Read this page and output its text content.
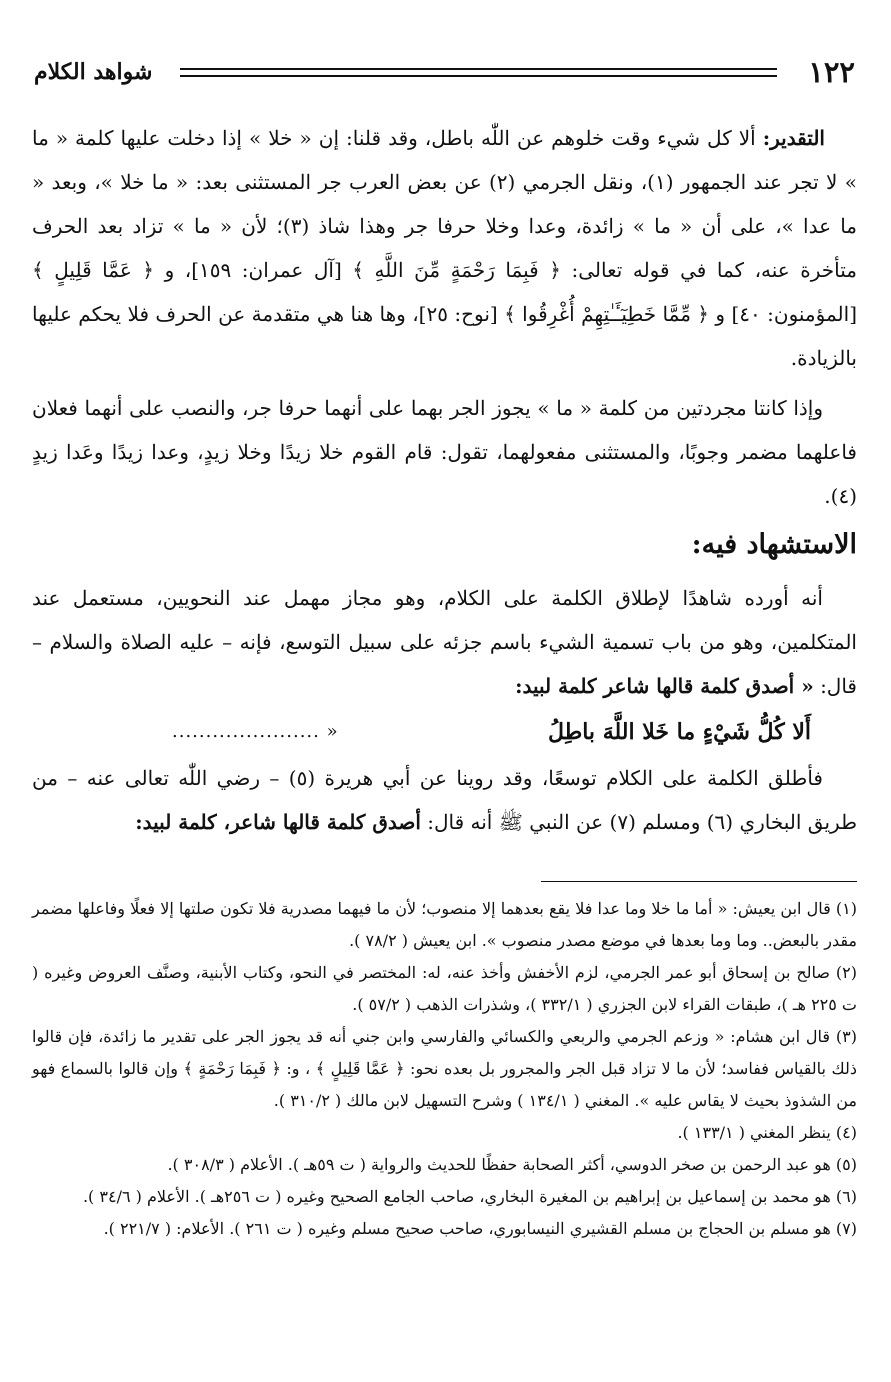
١٢٢
شواهد الكلام

التقدير: ألا كل شيء وقت خلوهم عن اللّٰه باطل، وقد قلنا: إن « خلا » إذا دخلت عليها كلمة « ما » لا تجر عند الجمهور (١)، ونقل الجرمي (٢) عن بعض العرب جر المستثنى بعد: « ما خلا »، وبعد « ما عدا »، على أن « ما » زائدة، وعدا وخلا حرفا جر وهذا شاذ (٣)؛ لأن « ما » تزاد بعد الحرف متأخرة عنه، كما في قوله تعالى: ﴿ فَبِمَا رَحْمَةٍ مِّنَ اللَّهِ ﴾ [آل عمران: ١٥٩]، و ﴿ عَمَّا قَلِيلٍ ﴾ [المؤمنون: ٤٠] و ﴿ مِّمَّا خَطِيٓـَٔـٰتِهِمْ أُغْرِقُوا ﴾ [نوح: ٢٥]، وها هنا هي متقدمة عن الحرف فلا يحكم عليها بالزيادة.

وإذا كانتا مجردتين من كلمة « ما » يجوز الجر بهما على أنهما حرفا جر، والنصب على أنهما فعلان فاعلهما مضمر وجوبًا، والمستثنى مفعولهما، تقول: قام القوم خلا زيدًا وخلا زيدٍ، وعدا زيدًا وعَدا زيدٍ (٤).

الاستشهاد فيه:

أنه أورده شاهدًا لإطلاق الكلمة على الكلام، وهو مجاز مهمل عند النحويين، مستعمل عند المتكلمين، وهو من باب تسمية الشيء باسم جزئه على سبيل التوسع، فإنه – عليه الصلاة والسلام – قال: « أصدق كلمة قالها شاعر كلمة لبيد:

أَلا كُلُّ شَيْءٍ ما خَلا اللَّهَ باطِلُ
« ......................

فأطلق الكلمة على الكلام توسعًا، وقد روينا عن أبي هريرة (٥) – رضي اللّٰه تعالى عنه – من طريق البخاري (٦) ومسلم (٧) عن النبي ﷺ أنه قال: أصدق كلمة قالها شاعر، كلمة لبيد:

(١) قال ابن يعيش: « أما ما خلا وما عدا فلا يقع بعدهما إلا منصوب؛ لأن ما فيهما مصدرية فلا تكون صلتها إلا فعلًا وفاعلها مضمر مقدر بالبعض.. وما وما بعدها في موضع مصدر منصوب ». ابن يعيش ( ٧٨/٢ ).

(٢) صالح بن إسحاق أبو عمر الجرمي، لزم الأخفش وأخذ عنه، له: المختصر في النحو، وكتاب الأبنية، وصنَّف العروض وغيره ( ت ٢٢٥ هـ )، طبقات القراء لابن الجزري ( ٣٣٢/١ )، وشذرات الذهب ( ٥٧/٢ ).

(٣) قال ابن هشام: « وزعم الجرمي والربعي والكسائي والفارسي وابن جني أنه قد يجوز الجر على تقدير ما زائدة، فإن قالوا ذلك بالقياس ففاسد؛ لأن ما لا تزاد قبل الجر والمجرور بل بعده نحو: ﴿ عَمَّا قَلِيلٍ ﴾ ، و: ﴿ فَبِمَا رَحْمَةٍ ﴾ وإن قالوا بالسماع فهو من الشذوذ بحيث لا يقاس عليه ». المغني ( ١٣٤/١ ) وشرح التسهيل لابن مالك ( ٣١٠/٢ ).

(٤) ينظر المغني ( ١٣٣/١ ).

(٥) هو عبد الرحمن بن صخر الدوسي، أكثر الصحابة حفظًا للحديث والرواية ( ت ٥٩هـ ). الأعلام ( ٣٠٨/٣ ).

(٦) هو محمد بن إسماعيل بن إبراهيم بن المغيرة البخاري، صاحب الجامع الصحيح وغيره ( ت ٢٥٦هـ ). الأعلام ( ٣٤/٦ ).

(٧) هو مسلم بن الحجاج بن مسلم القشيري النيسابوري، صاحب صحيح مسلم وغيره ( ت ٢٦١ ). الأعلام: ( ٢٢١/٧ ).
